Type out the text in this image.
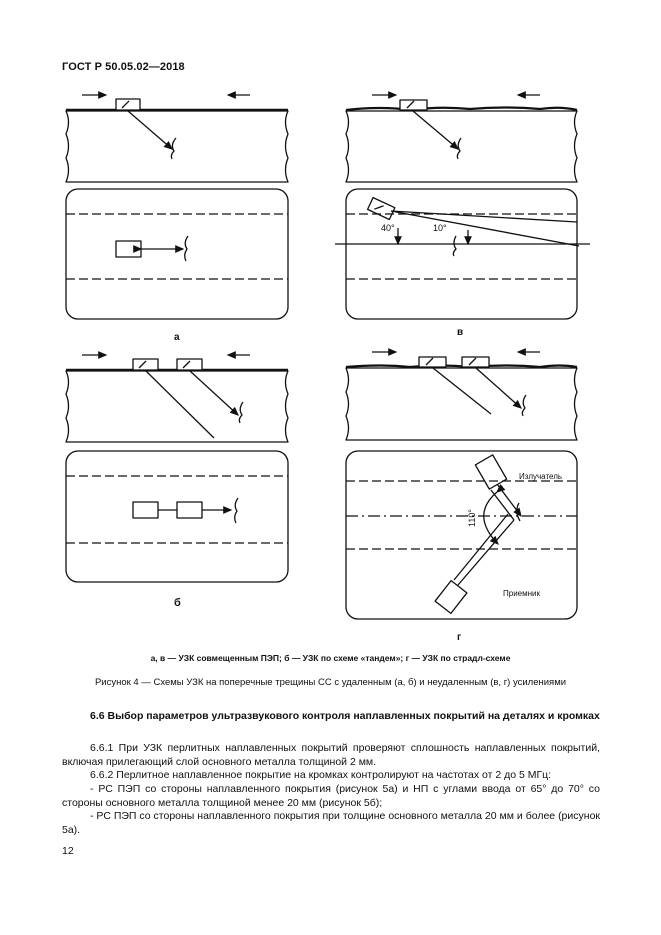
ГОСТ Р 50.05.02—2018
а
б
в
г
40°	10°
110°
Излучатель
Приемник
а, в — УЗК совмещенным ПЭП; б — УЗК по схеме «тандем»; г — УЗК по страдл-схеме
Рисунок 4 — Схемы УЗК на поперечные трещины СС с удаленным (а, б) и неудаленным (в, г) усилениями
6.6 Выбор параметров ультразвукового контроля наплавленных покрытий на деталях и кромках
6.6.1 При УЗК перлитных наплавленных покрытий проверяют сплошность наплавленных покрытий, включая прилегающий слой основного металла толщиной 2 мм.
6.6.2 Перлитное наплавленное покрытие на кромках контролируют на частотах от 2 до 5 МГц:
- РС ПЭП со стороны наплавленного покрытия (рисунок 5а) и НП с углами ввода от 65° до 70° со стороны основного металла толщиной менее 20 мм (рисунок 5б);
- РС ПЭП со стороны наплавленного покрытия при толщине основного металла 20 мм и более (рисунок 5а).
12
